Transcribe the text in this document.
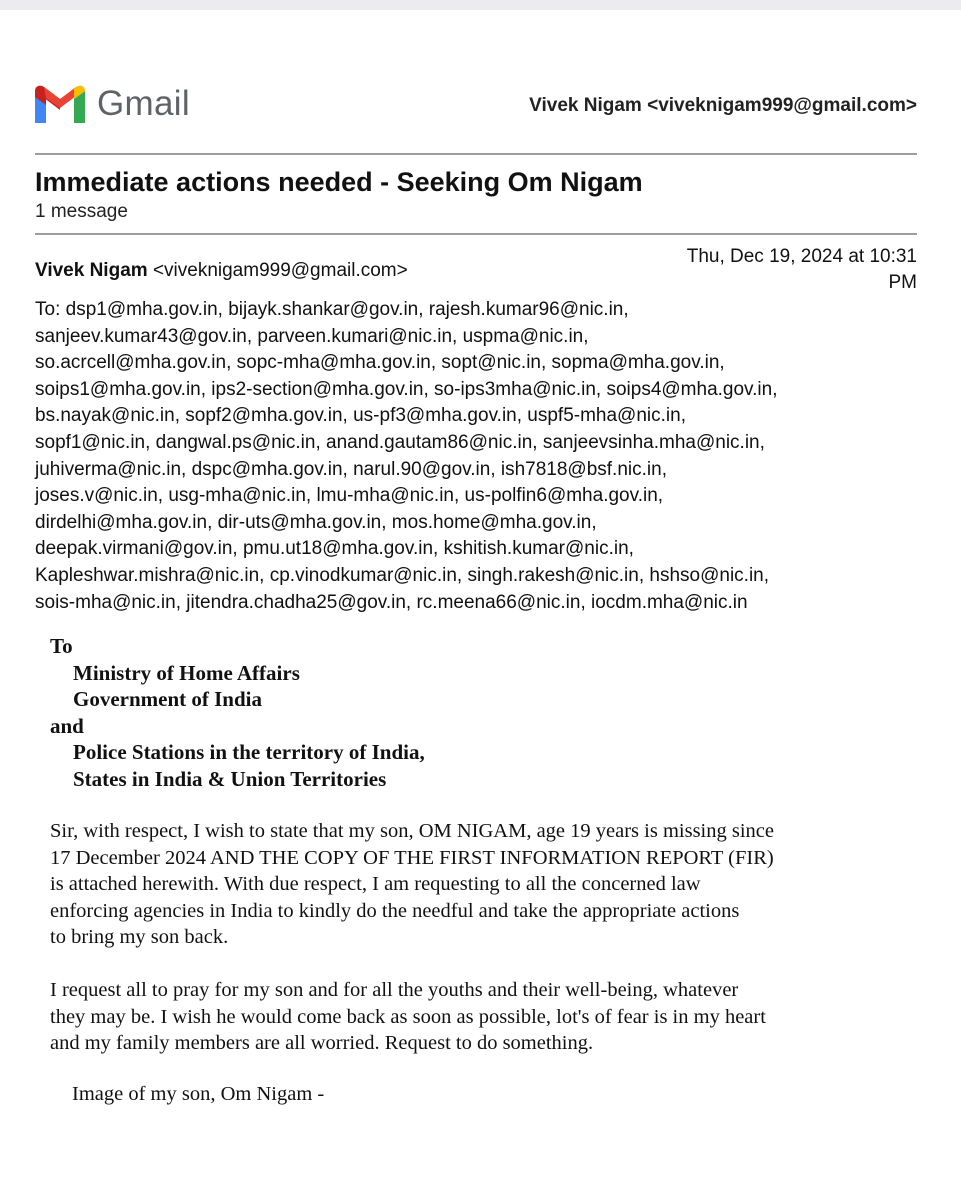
Gmail	Vivek Nigam <viveknigam999@gmail.com>
Immediate actions needed - Seeking Om Nigam
1 message
Vivek Nigam <viveknigam999@gmail.com>
Thu, Dec 19, 2024 at 10:31
PM
To: dsp1@mha.gov.in, bijayk.shankar@gov.in, rajesh.kumar96@nic.in,
sanjeev.kumar43@gov.in, parveen.kumari@nic.in, uspma@nic.in,
so.acrcell@mha.gov.in, sopc-mha@mha.gov.in, sopt@nic.in, sopma@mha.gov.in,
soips1@mha.gov.in, ips2-section@mha.gov.in, so-ips3mha@nic.in, soips4@mha.gov.in,
bs.nayak@nic.in, sopf2@mha.gov.in, us-pf3@mha.gov.in, uspf5-mha@nic.in,
sopf1@nic.in, dangwal.ps@nic.in, anand.gautam86@nic.in, sanjeevsinha.mha@nic.in,
juhiverma@nic.in, dspc@mha.gov.in, narul.90@gov.in, ish7818@bsf.nic.in,
joses.v@nic.in, usg-mha@nic.in, lmu-mha@nic.in, us-polfin6@mha.gov.in,
dirdelhi@mha.gov.in, dir-uts@mha.gov.in, mos.home@mha.gov.in,
deepak.virmani@gov.in, pmu.ut18@mha.gov.in, kshitish.kumar@nic.in,
Kapleshwar.mishra@nic.in, cp.vinodkumar@nic.in, singh.rakesh@nic.in, hshso@nic.in,
sois-mha@nic.in, jitendra.chadha25@gov.in, rc.meena66@nic.in, iocdm.mha@nic.in
To
Ministry of Home Affairs
Government of India
and
Police Stations in the territory of India,
States in India & Union Territories
Sir, with respect, I wish to state that my son, OM NIGAM, age 19 years is missing since
17 December 2024 AND THE COPY OF THE FIRST INFORMATION REPORT (FIR)
is attached herewith. With due respect, I am requesting to all the concerned law
enforcing agencies in India to kindly do the needful and take the appropriate actions
to bring my son back.
I request all to pray for my son and for all the youths and their well-being, whatever
they may be. I wish he would come back as soon as possible, lot's of fear is in my heart
and my family members are all worried. Request to do something.
Image of my son, Om Nigam -
